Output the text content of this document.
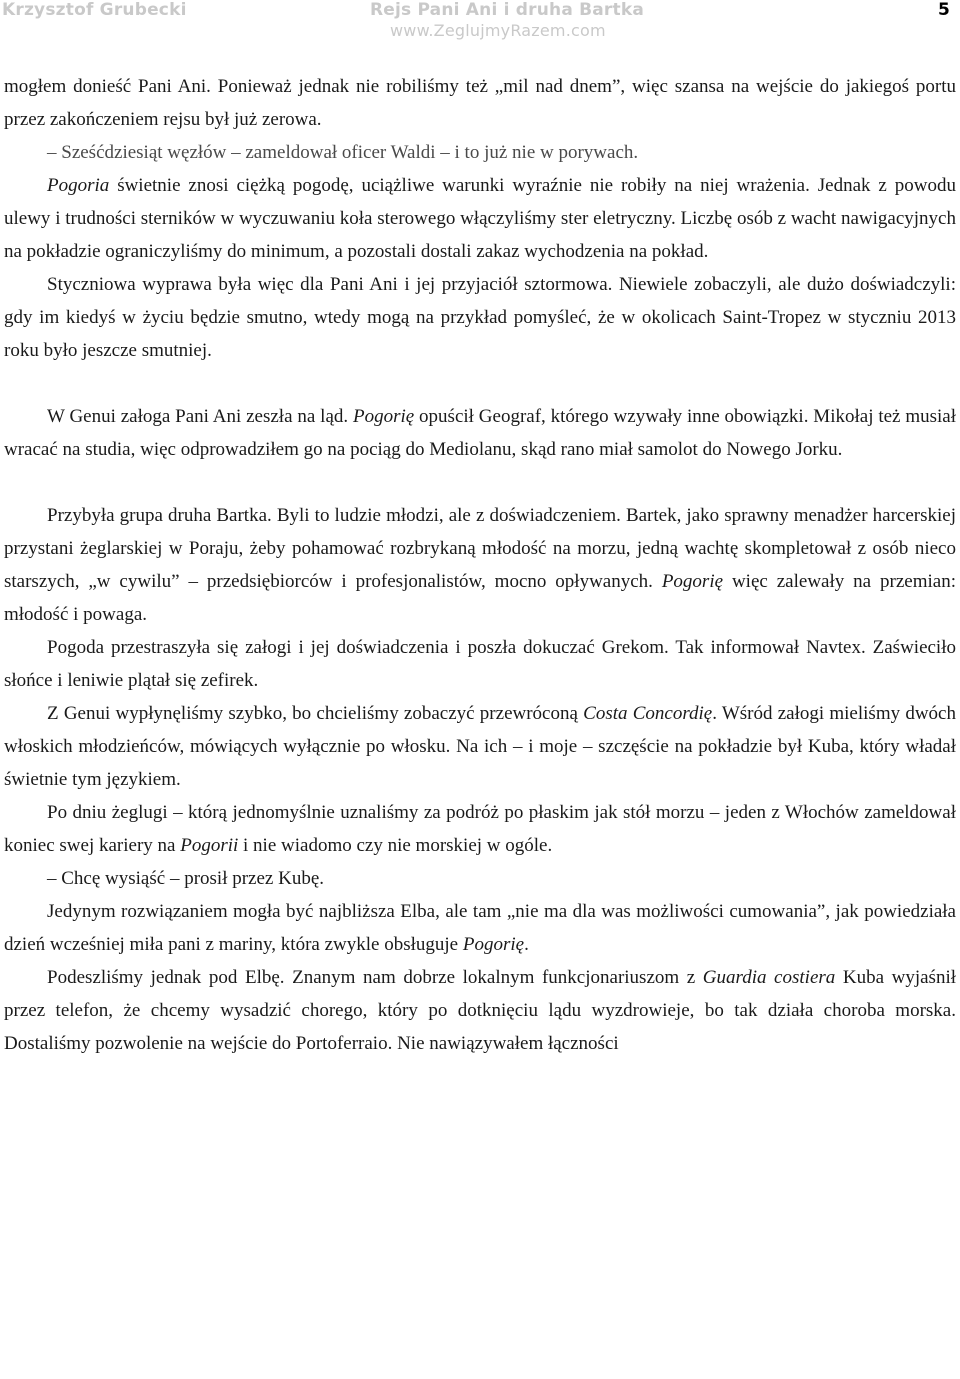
Krzysztof Grubecki	Rejs Pani Ani i druha Bartka
www.ZeglujmyRazem.com
5

mogłem donieść Pani Ani. Ponieważ jednak nie robiliśmy też „mil nad dnem”, więc szansa na wejście do jakiegoś portu przez zakończeniem rejsu był już zerowa.

– Sześćdziesiąt węzłów – zameldował oficer Waldi – i to już nie w porywach.

Pogoria świetnie znosi ciężką pogodę, uciążliwe warunki wyraźnie nie robiły na niej wrażenia. Jednak z powodu ulewy i trudności sterników w wyczuwaniu koła sterowego włączyliśmy ster eletryczny. Liczbę osób z wacht nawigacyjnych na pokładzie ograniczyliśmy do minimum, a pozostali dostali zakaz wychodzenia na pokład.

Styczniowa wyprawa była więc dla Pani Ani i jej przyjaciół sztormowa. Niewiele zobaczyli, ale dużo doświadczyli: gdy im kiedyś w życiu będzie smutno, wtedy mogą na przykład pomyśleć, że w okolicach Saint-Tropez w styczniu 2013 roku było jeszcze smutniej.

W Genui załoga Pani Ani zeszła na ląd. Pogorię opuścił Geograf, którego wzywały inne obowiązki. Mikołaj też musiał wracać na studia, więc odprowadziłem go na pociąg do Mediolanu, skąd rano miał samolot do Nowego Jorku.

Przybyła grupa druha Bartka. Byli to ludzie młodzi, ale z doświadczeniem. Bartek, jako sprawny menadżer harcerskiej przystani żeglarskiej w Poraju, żeby pohamować rozbrykaną młodość na morzu, jedną wachtę skompletował z osób nieco starszych, „w cywilu” – przedsiębiorców i profesjonalistów, mocno opływanych. Pogorię więc zalewały na przemian: młodość i powaga.

Pogoda przestraszyła się załogi i jej doświadczenia i poszła dokuczać Grekom. Tak informował Navtex. Zaświeciło słońce i leniwie plątał się zefirek.

Z Genui wypłynęliśmy szybko, bo chcieliśmy zobaczyć przewróconą Costa Concordię. Wśród załogi mieliśmy dwóch włoskich młodzieńców, mówiących wyłącznie po włosku. Na ich – i moje – szczęście na pokładzie był Kuba, który władał świetnie tym językiem.

Po dniu żeglugi – którą jednomyślnie uznaliśmy za podróż po płaskim jak stół morzu – jeden z Włochów zameldował koniec swej kariery na Pogorii i nie wiadomo czy nie morskiej w ogóle.

– Chcę wysiąść – prosił przez Kubę.

Jedynym rozwiązaniem mogła być najbliższa Elba, ale tam „nie ma dla was możliwości cumowania”, jak powiedziała dzień wcześniej miła pani z mariny, która zwykle obsługuje Pogorię.

Podeszliśmy jednak pod Elbę. Znanym nam dobrze lokalnym funkcjonariuszom z Guardia costiera Kuba wyjaśnił przez telefon, że chcemy wysadzić chorego, który po dotknięciu lądu wyzdrowieje, bo tak działa choroba morska. Dostaliśmy pozwolenie na wejście do Portoferraio. Nie nawiązywałem łączności
